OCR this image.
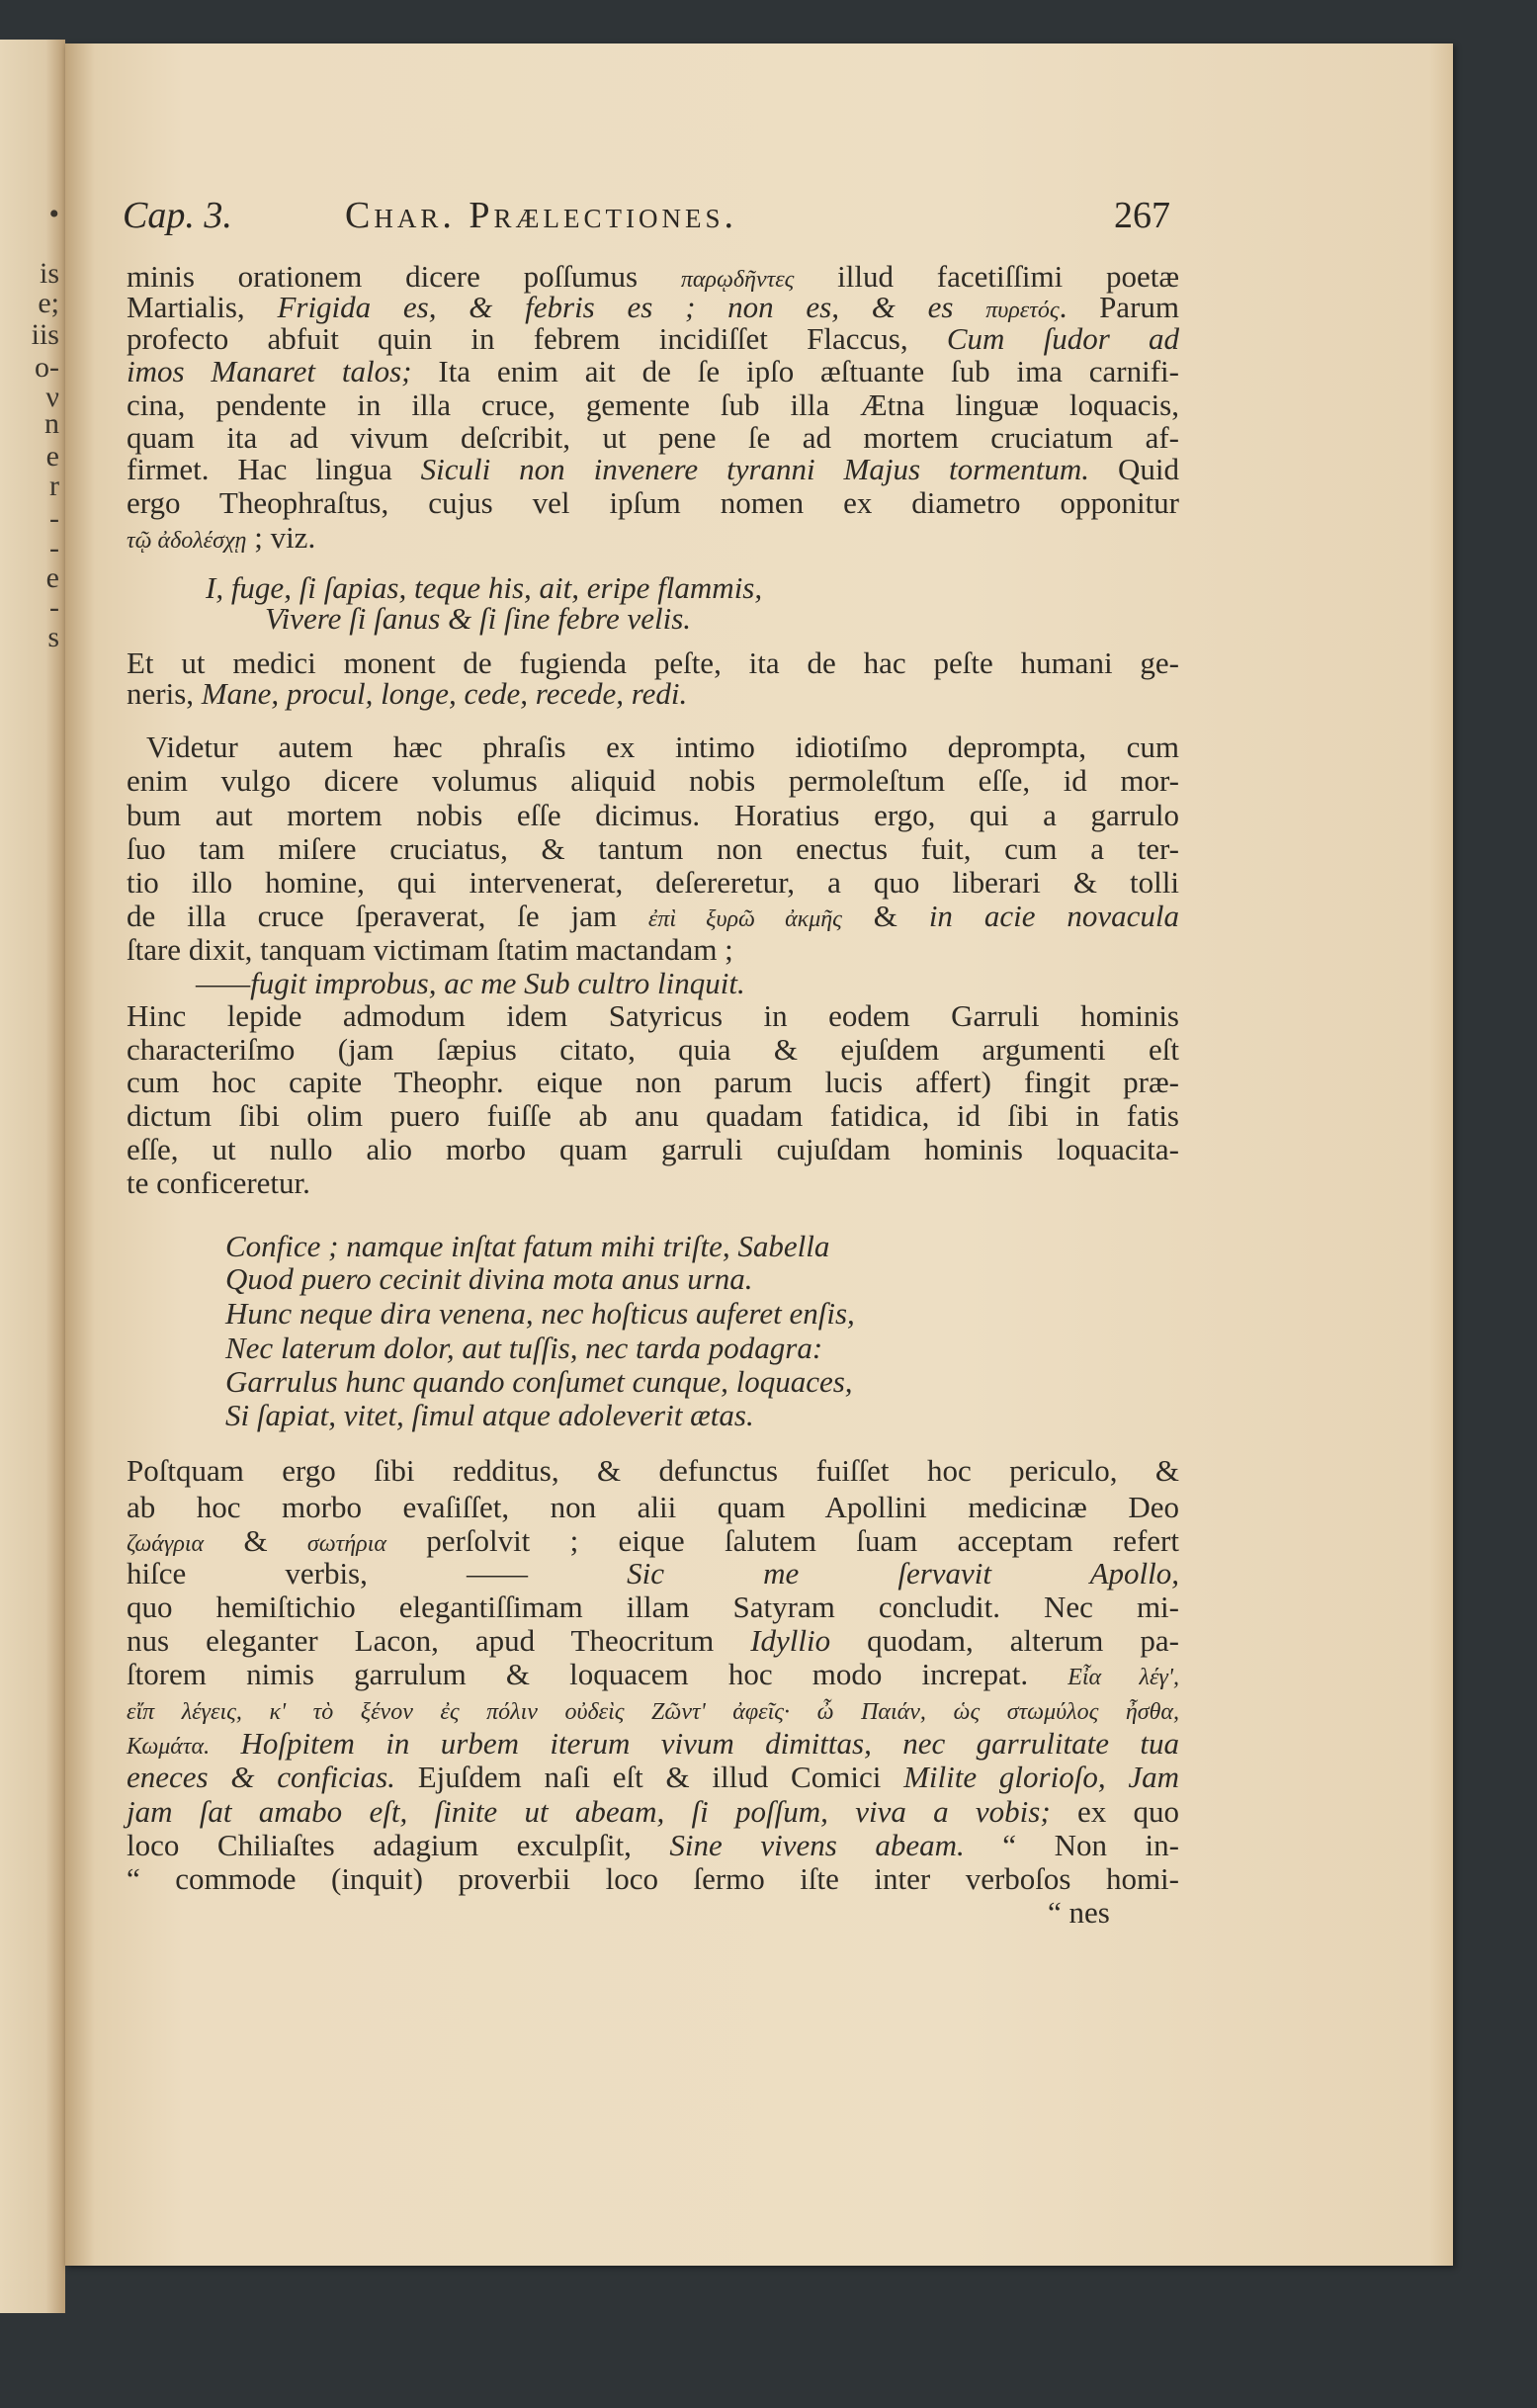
•
is
e;
iis
o-
ν
n
e
r
-
-
e
-
s
Cap. 3.	Char. Prælectiones.	267
minis orationem dicere poſſumus παρῳδῆντες illud facetiſſimi poetæ
Martialis, Frigida es, & febris es ; non es, & es πυρετός. Parum
profecto abfuit quin in febrem incidiſſet Flaccus, Cum ſudor ad
imos Manaret talos; Ita enim ait de ſe ipſo æſtuante ſub ima carnifi-
cina, pendente in illa cruce, gemente ſub illa Ætna linguæ loquacis,
quam ita ad vivum deſcribit, ut pene ſe ad mortem cruciatum af-
firmet. Hac lingua Siculi non invenere tyranni Majus tormentum. Quid
ergo Theophraſtus, cujus vel ipſum nomen ex diametro opponitur
τῷ ἀδολέσχῃ ; viz.
I, fuge, ſi ſapias, teque his, ait, eripe flammis,
Vivere ſi ſanus & ſi ſine febre velis.
Et ut medici monent de fugienda peſte, ita de hac peſte humani ge-
neris, Mane, procul, longe, cede, recede, redi.
Videtur autem hæc phraſis ex intimo idiotiſmo deprompta, cum
enim vulgo dicere volumus aliquid nobis permoleſtum eſſe, id mor-
bum aut mortem nobis eſſe dicimus. Horatius ergo, qui a garrulo
ſuo tam miſere cruciatus, & tantum non enectus fuit, cum a ter-
tio illo homine, qui intervenerat, deſereretur, a quo liberari & tolli
de illa cruce ſperaverat, ſe jam ἐπὶ ξυρῶ ἀκμῆς & in acie novacula
ſtare dixit, tanquam victimam ſtatim mactandam ;
——fugit improbus, ac me Sub cultro linquit.
Hinc lepide admodum idem Satyricus in eodem Garruli hominis
characteriſmo (jam ſæpius citato, quia & ejuſdem argumenti eſt
cum hoc capite Theophr. eique non parum lucis affert) fingit præ-
dictum ſibi olim puero fuiſſe ab anu quadam fatidica, id ſibi in fatis
eſſe, ut nullo alio morbo quam garruli cujuſdam hominis loquacita-
te conficeretur.
Confice ; namque inſtat fatum mihi triſte, Sabella
Quod puero cecinit divina mota anus urna.
Hunc neque dira venena, nec hoſticus auferet enſis,
Nec laterum dolor, aut tuſſis, nec tarda podagra:
Garrulus hunc quando conſumet cunque, loquaces,
Si ſapiat, vitet, ſimul atque adoleverit ætas.
Poſtquam ergo ſibi redditus, & defunctus fuiſſet hoc periculo, &
ab hoc morbo evaſiſſet, non alii quam Apollini medicinæ Deo
ζωάγρια & σωτήρια perſolvit ; eique ſalutem ſuam acceptam refert
hiſce verbis, —— Sic me ſervavit Apollo,
quo hemiſtichio elegantiſſimam illam Satyram concludit. Nec mi-
nus eleganter Lacon, apud Theocritum Idyllio quodam, alterum pa-
ſtorem nimis garrulum & loquacem hoc modo increpat. Εἶα λέγ',
εἴπ λέγεις, κ' τὸ ξένον ἐς πόλιν οὐδεὶς Ζῶντ' ἀφεῖς· ὦ Παιάν, ὡς στωμύλος ἦσθα,
Κωμάτα. Hoſpitem in urbem iterum vivum dimittas, nec garrulitate tua
eneces & conficias. Ejuſdem naſi eſt & illud Comici Milite glorioſo, Jam
jam ſat amabo eſt, ſinite ut abeam, ſi poſſum, viva a vobis; ex quo
loco Chiliaſtes adagium exculpſit, Sine vivens abeam. “ Non in-
“ commode (inquit) proverbii loco ſermo iſte inter verboſos homi-
“ nes
